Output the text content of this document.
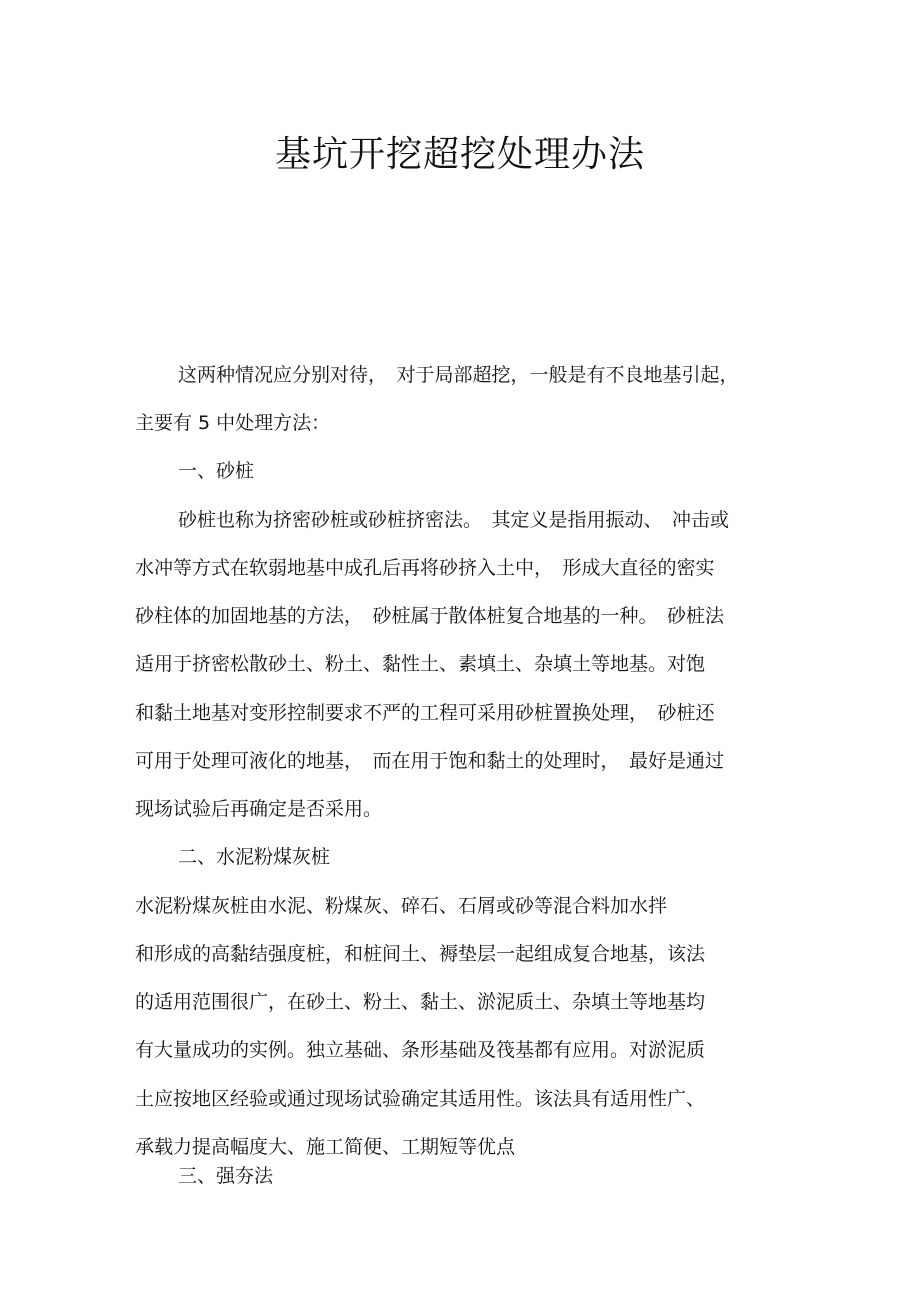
基坑开挖超挖处理办法
这两种情况应分别对待，　对于局部超挖，一般是有不良地基引起，
主要有 5 中处理方法：
一、砂桩
砂桩也称为挤密砂桩或砂桩挤密法。　其定义是指用振动、　冲击或
水冲等方式在软弱地基中成孔后再将砂挤入土中，　形成大直径的密实
砂柱体的加固地基的方法，　砂桩属于散体桩复合地基的一种。　砂桩法
适用于挤密松散砂土、粉土、黏性土、素填土、杂填土等地基。对饱
和黏土地基对变形控制要求不严的工程可采用砂桩置换处理，　砂桩还
可用于处理可液化的地基，　而在用于饱和黏土的处理时，　最好是通过
现场试验后再确定是否采用。
二、水泥粉煤灰桩
水泥粉煤灰桩由水泥、粉煤灰、碎石、石屑或砂等混合料加水拌
和形成的高黏结强度桩，和桩间土、褥垫层一起组成复合地基，该法
的适用范围很广，在砂土、粉土、黏土、淤泥质土、杂填土等地基均
有大量成功的实例。独立基础、条形基础及筏基都有应用。对淤泥质
土应按地区经验或通过现场试验确定其适用性。该法具有适用性广、
承载力提高幅度大、施工简便、工期短等优点
三、强夯法
